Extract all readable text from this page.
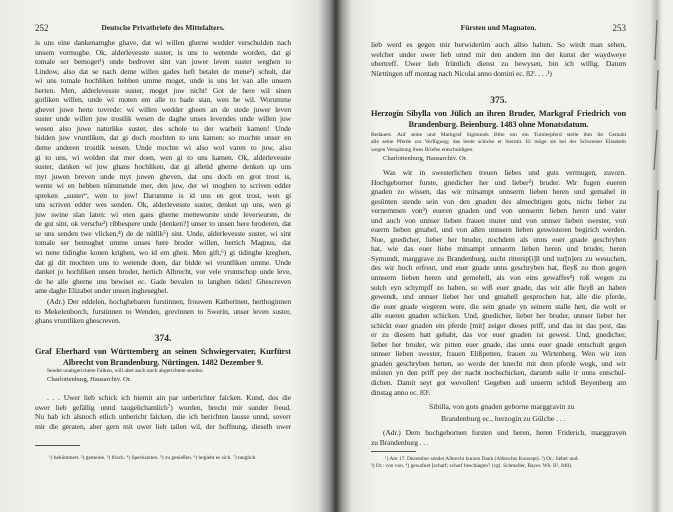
252	Deutsche Privatbriefe des Mittelalters.
is uns eine dankenamghe ghave, dat wi willen gherne wedder verschulden nach
unsem vormoghe. Ok, alderlevesste suster, is uns to wetende worden, dat gi
tomale ser bemoget¹) unde bedrovet sint van juwer leven suster weghen to
Lindow, also dat se nach deme willen gades heft betalet de mene²) schult, dar
wi uns tomale hochliken hebben umme moget, unde is uns let van alle unsem
herten. Men, alderlevesste suster, moget juw nicht! Got de here wil sinen
gotliken willen, unde wi moten em alle to bade stan, wen he wil. Worumme
ghevet juwe herte tovrede: wi willen wedder gheen an de stede juwer leven
suster unde willen juw trostlik wesen de daghe unses levendes unde willen juw
wesen also juwe naturlike suster, des schole to der warheit kamen! Unde
bidden juw vruntliken, dat gi doch mochten to uns kamen: so mochte unser en
deme anderen trostlik wesen. Unde mochte wi also wol varen to juw, also
gi to uns, wi wolden dat mer doen, wen gi to uns kamen. Ok, alderlevesste
suster, danken wi juw ghans hochliken, dat gi alletid gherne denken up uns
myt juwen breven unde myt juwen gheven, dat uns doch en grot trost is,
wente wi en hebben nümmende mer, den juw, der wi moghen to scriven edder
spreken „suster“, wen to juw! Darumme is id uns en grot trost, wen gi
uns scriven edder wes senden. Ok, alderlevesste suster, denket up uns, wen gi
juw swine slan laten: wi eten gans gherne mettewurste unde leverwurste, de
de gut sint, ok versche³) ribbespere unde [denken?] unser to unsen here broderen, dat
se uns senden twe vlicken,⁴) de de nütlik⁵) sint. Unde, alderlevesste suster, wi sint
tomale ser bemoghet umme unses here broder willen, hertich Magnus, dat
wi nene tidinghe konen krighen, wo id em gheit. Men gift,⁶) gi tidinghe kreghen,
dat gi dit mochten uns to wetende doen, dar bidde wi vruntliken umme. Unde
danket jo hochliken unsen broder, hertich Albrecht, vor vele vruntschop unde leve,
de he alle gherne uns bewiset ec. Gade bevalen to langhen tiden! Ghescreven
ame daghe Elizabet under unsen ingheseghel.
(Adr.) Der eddelen, hochghebaren furstinnen, frouwen Katherinen, herthoginnen
to Mekelenborch, furstinnen to Wenden, grevinnen to Swerin, unser leven suster,
ghans vruntliken ghescreven.
374.
Graf Eberhard von Württemberg an seinen Schwiegervater, Kurfürst
Albrecht von Brandenburg. Nürtingen. 1482 Dezember 9.
Sendet unabgerichtete Falken, will aber auch noch abgerichtete senden.
Charlottenburg, Hausarchiv. Or.
. . . Uwer lieb schick ich hiemit ain par unberichter falcken. Kund, dos die
uwer lieb gefällig unnd taugelichamlich⁷) wurden, brecht mir sunder freud.
Nu hab ich alsnoch etlich unbericht falcken, die ich berichten lausse unnd, soverr
mir die geraten, aber gern mit uwer lieb tailen wil, der hoffnung, dieselb uwer
¹) bekümmert. ²) gemeine. ³) frisch. ⁴) Speckseiten. ⁵) zu genießen. ⁶) begiebt es sich. ⁷) tauglich.
Fürsten und Magnaten.	253
lieb werd es gegen mir herwiderüm auch allso halten. So wirdt man sehen,
welcher under uwer lieb unnd mir den andern inn der kunst der waydweye
ubertreff. Uwer lieb früntlich dienst zu bewysen, bin ich willig. Datum
Nürttingen uff montag nach Nicolai anno domini ec. 82ᵗ. . . .¹)
375.
Herzogin Sibylla von Jülich an ihren Bruder, Markgraf Friedrich von
Brandenburg. Beienburg. 1483 ohne Monatsdatum.
Bedauert. Auf seine und Markgraf Sigmunds Bitte um ein Turnierpferd stelle ihm ihr Gemahl
alle seine Pferde zur Verfügung; das beste schicke er hiermit. Er möge sie bei der Schwester Elisabeth
wegen Verspätung ihres Briefes entschuldigen.
Charlottenburg, Hausarchiv. Or.
Was wir in swesterlichen treuen liebes und guts vermugen, zuvorn.
Hochgeborner furste, gnedicher her und lieber²) bruder. Wir fugen eueren
gnaden zo wissen, das wir mitsampt unnserm lieben heren und gemahel in
gesünten stende sein von den gnaden des almechtigen gots, nichs lieber zu
vernemmen von³) eueren gnaden und von unnserm lieben heren und vater
und auch von unnser lieben frauen muter und von unnser lieben swester, von
euerm lieben gmahel, und von allen unnsern lieben geswisteren begirich werden.
Nue, gnedicher, lieber her bruder, nochdem als unns euer gnade geschryben
hat, wie das euer liebe mitsampt unnserm lieben heren und bruder, heren
Symundt, marggrave zu Brandenburg, sucht rittersp[i]ll und tur[n]ers zu wesuchen,
des wir hoch erfreut, und euer gnade unns geschryben hat, fleyß zo thon gegen
unnserm lieben heren und gemehell, als von eins gewaffes⁴) roß wegen zu
solch eyn schympff zo haben, so wiß euer gnade, das wir alle fleyß an haben
gewendt, und unnser lieber her und gmahell gesprochen hat, alle die pferde,
die euer gnade wegeren were, die sein gnade yn seinem stalle hett, die wolt er
alle eueren gnaden schicken. Und, gnedicher, lieber her bruder, unnser lieber her
schickt euer gnaden ein pferde [mit] zeiger dieses priff, und das ist das pest, das
er zu diesem hatt gehabt, das vor euer gnaden ist gewest. Und, gnedicher,
lieber her bruder, wir pitten euer gnade, das unns euer gnade entschult gegen
unnser lieben swester, frauen Elißpetten, frauen zu Wirtenberg. Wen wir iren
gnaden geschryben hetten, so werde der knecht mit dem pferde wegk, und wir
müsten yn den priff pey der nacht nochschicken, darumb sulle ir unns entschul-
dichen. Damit seyt got wevollen! Gegeben auß unserm schloß Beyenberg am
dinstag anno ec. 83ᵗ.
Sibilla, von gots gnaden geborne marggravin zu
Brandenburg ec., herzogin zu Gülche . . .
(Adr.) Dem hochgebornen fursten und heren, heren Friderich, marggraven
zu Brandenburg . . .
¹) Am 17. Dezember sendet Albrecht kurzen Dank (Albrechts Konzept). ²) Or.: lieber und.
³) Or.: von von. ⁴) gewafnet [scharf; scharf beschlagen? (vgl. Schmeller, Bayer. Wb. II², 840).
